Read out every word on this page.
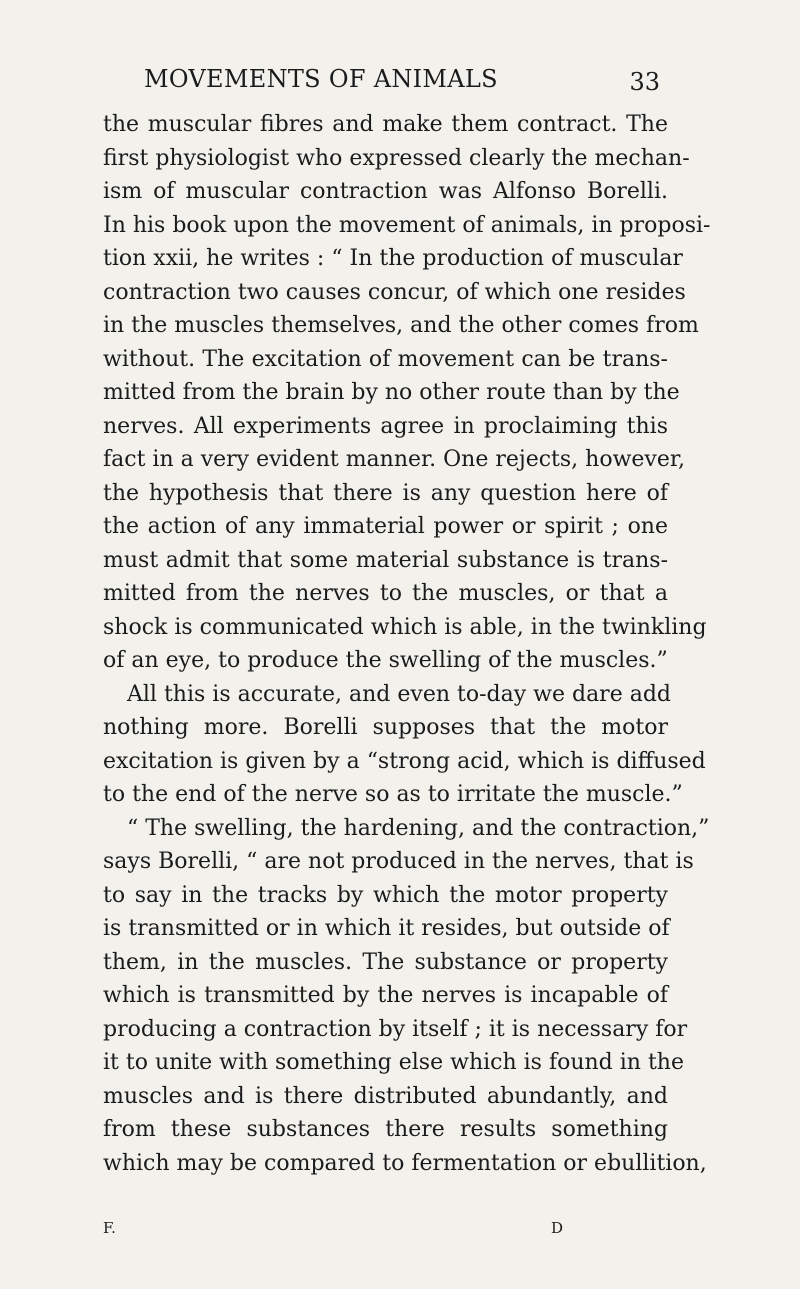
MOVEMENTS OF ANIMALS	33
the muscular fibres and make them contract. The
first physiologist who expressed clearly the mechan-
ism of muscular contraction was Alfonso Borelli.
In his book upon the movement of animals, in proposi-
tion xxii, he writes : “ In the production of muscular
contraction two causes concur, of which one resides
in the muscles themselves, and the other comes from
without. The excitation of movement can be trans-
mitted from the brain by no other route than by the
nerves. All experiments agree in proclaiming this
fact in a very evident manner. One rejects, however,
the hypothesis that there is any question here of
the action of any immaterial power or spirit ; one
must admit that some material substance is trans-
mitted from the nerves to the muscles, or that a
shock is communicated which is able, in the twinkling
of an eye, to produce the swelling of the muscles.”
All this is accurate, and even to-day we dare add
nothing more. Borelli supposes that the motor
excitation is given by a “strong acid, which is diffused
to the end of the nerve so as to irritate the muscle.”
“ The swelling, the hardening, and the contraction,”
says Borelli, “ are not produced in the nerves, that is
to say in the tracks by which the motor property
is transmitted or in which it resides, but outside of
them, in the muscles. The substance or property
which is transmitted by the nerves is incapable of
producing a contraction by itself ; it is necessary for
it to unite with something else which is found in the
muscles and is there distributed abundantly, and
from these substances there results something
which may be compared to fermentation or ebullition,
F.	D
